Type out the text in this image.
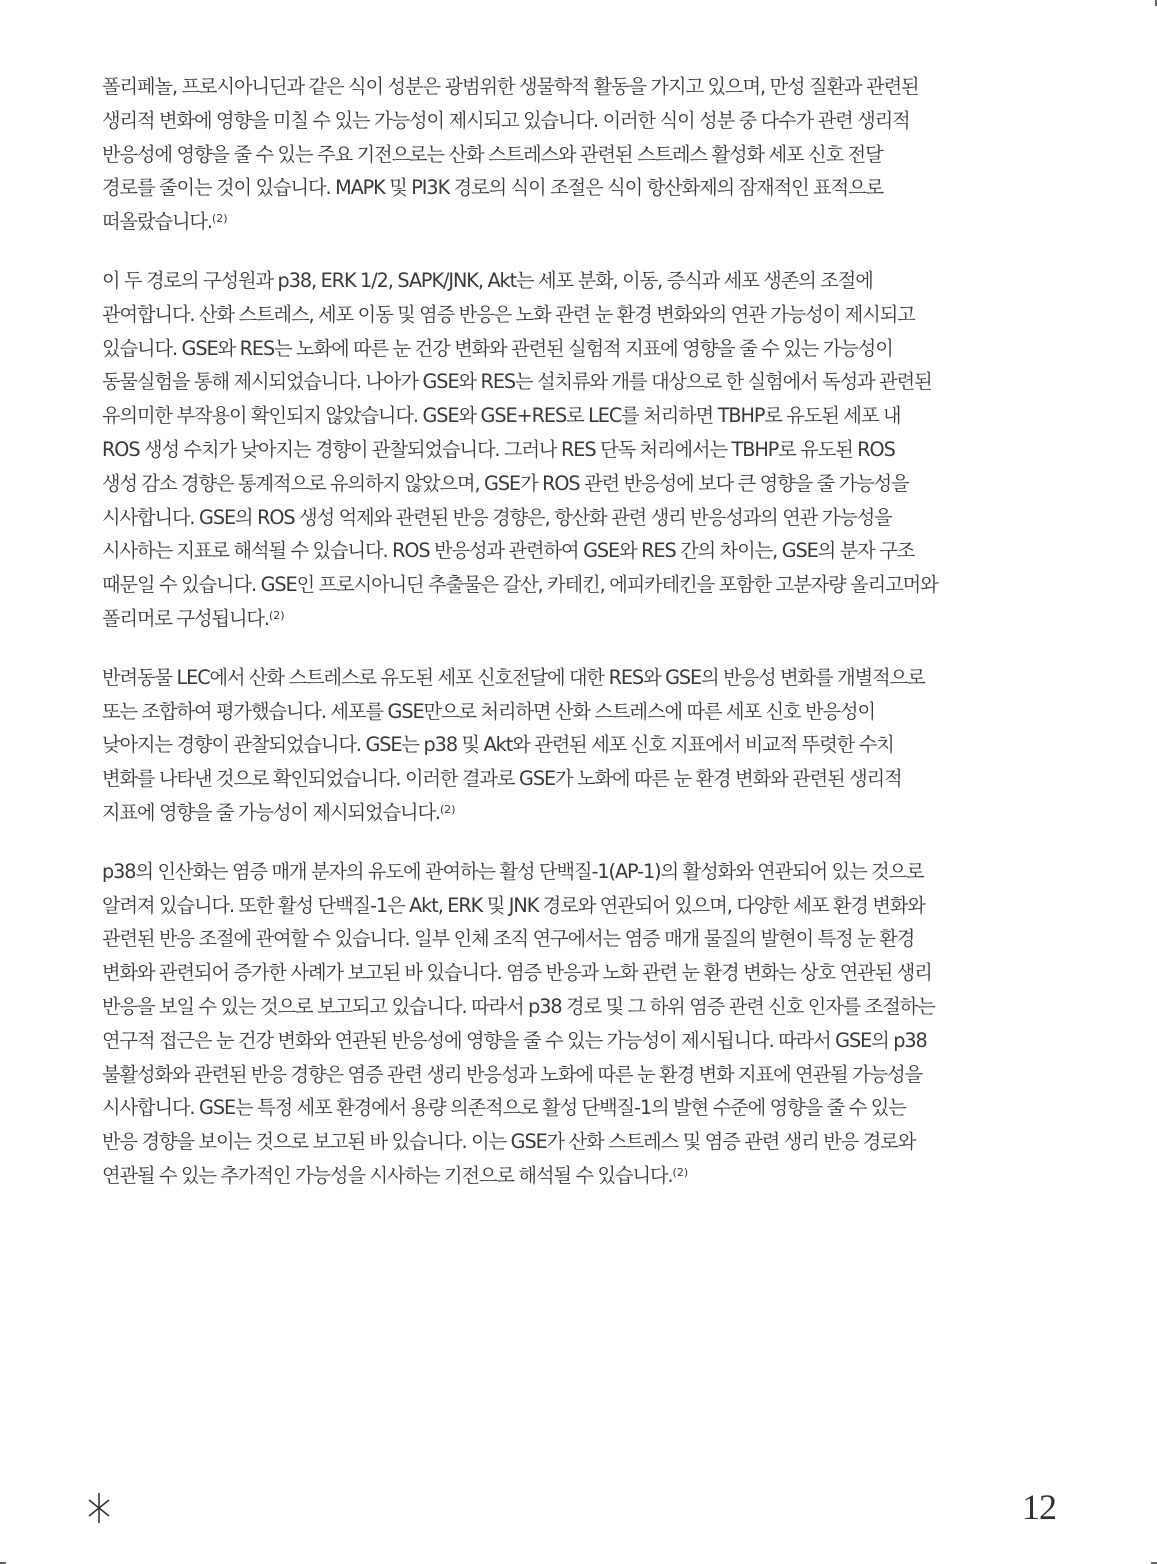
폴리페놀, 프로시아니딘과 같은 식이 성분은 광범위한 생물학적 활동을 가지고 있으며, 만성 질환과 관련된
생리적 변화에 영향을 미칠 수 있는 가능성이 제시되고 있습니다. 이러한 식이 성분 중 다수가 관련 생리적
반응성에 영향을 줄 수 있는 주요 기전으로는 산화 스트레스와 관련된 스트레스 활성화 세포 신호 전달
경로를 줄이는 것이 있습니다. MAPK 및 PI3K 경로의 식이 조절은 식이 항산화제의 잠재적인 표적으로
떠올랐습니다.$^{(2)}$

이 두 경로의 구성원과 p38, ERK 1/2, SAPK/JNK, Akt는 세포 분화, 이동, 증식과 세포 생존의 조절에
관여합니다. 산화 스트레스, 세포 이동 및 염증 반응은 노화 관련 눈 환경 변화와의 연관 가능성이 제시되고
있습니다. GSE와 RES는 노화에 따른 눈 건강 변화와 관련된 실험적 지표에 영향을 줄 수 있는 가능성이
동물실험을 통해 제시되었습니다. 나아가 GSE와 RES는 설치류와 개를 대상으로 한 실험에서 독성과 관련된
유의미한 부작용이 확인되지 않았습니다. GSE와 GSE+RES로 LEC를 처리하면 TBHP로 유도된 세포 내
ROS 생성 수치가 낮아지는 경향이 관찰되었습니다. 그러나 RES 단독 처리에서는 TBHP로 유도된 ROS
생성 감소 경향은 통계적으로 유의하지 않았으며, GSE가 ROS 관련 반응성에 보다 큰 영향을 줄 가능성을
시사합니다. GSE의 ROS 생성 억제와 관련된 반응 경향은, 항산화 관련 생리 반응성과의 연관 가능성을
시사하는 지표로 해석될 수 있습니다. ROS 반응성과 관련하여 GSE와 RES 간의 차이는, GSE의 분자 구조
때문일 수 있습니다. GSE인 프로시아니딘 추출물은 갈산, 카테킨, 에피카테킨을 포함한 고분자량 올리고머와
폴리머로 구성됩니다.$^{(2)}$

반려동물 LEC에서 산화 스트레스로 유도된 세포 신호전달에 대한 RES와 GSE의 반응성 변화를 개별적으로
또는 조합하여 평가했습니다. 세포를 GSE만으로 처리하면 산화 스트레스에 따른 세포 신호 반응성이
낮아지는 경향이 관찰되었습니다. GSE는 p38 및 Akt와 관련된 세포 신호 지표에서 비교적 뚜렷한 수치
변화를 나타낸 것으로 확인되었습니다. 이러한 결과로 GSE가 노화에 따른 눈 환경 변화와 관련된 생리적
지표에 영향을 줄 가능성이 제시되었습니다.$^{(2)}$

p38의 인산화는 염증 매개 분자의 유도에 관여하는 활성 단백질-1(AP-1)의 활성화와 연관되어 있는 것으로
알려져 있습니다. 또한 활성 단백질-1은 Akt, ERK 및 JNK 경로와 연관되어 있으며, 다양한 세포 환경 변화와
관련된 반응 조절에 관여할 수 있습니다. 일부 인체 조직 연구에서는 염증 매개 물질의 발현이 특정 눈 환경
변화와 관련되어 증가한 사례가 보고된 바 있습니다. 염증 반응과 노화 관련 눈 환경 변화는 상호 연관된 생리
반응을 보일 수 있는 것으로 보고되고 있습니다. 따라서 p38 경로 및 그 하위 염증 관련 신호 인자를 조절하는
연구적 접근은 눈 건강 변화와 연관된 반응성에 영향을 줄 수 있는 가능성이 제시됩니다. 따라서 GSE의 p38
불활성화와 관련된 반응 경향은 염증 관련 생리 반응성과 노화에 따른 눈 환경 변화 지표에 연관될 가능성을
시사합니다. GSE는 특정 세포 환경에서 용량 의존적으로 활성 단백질-1의 발현 수준에 영향을 줄 수 있는
반응 경향을 보이는 것으로 보고된 바 있습니다. 이는 GSE가 산화 스트레스 및 염증 관련 생리 반응 경로와
연관될 수 있는 추가적인 가능성을 시사하는 기전으로 해석될 수 있습니다.$^{(2)}$

12
